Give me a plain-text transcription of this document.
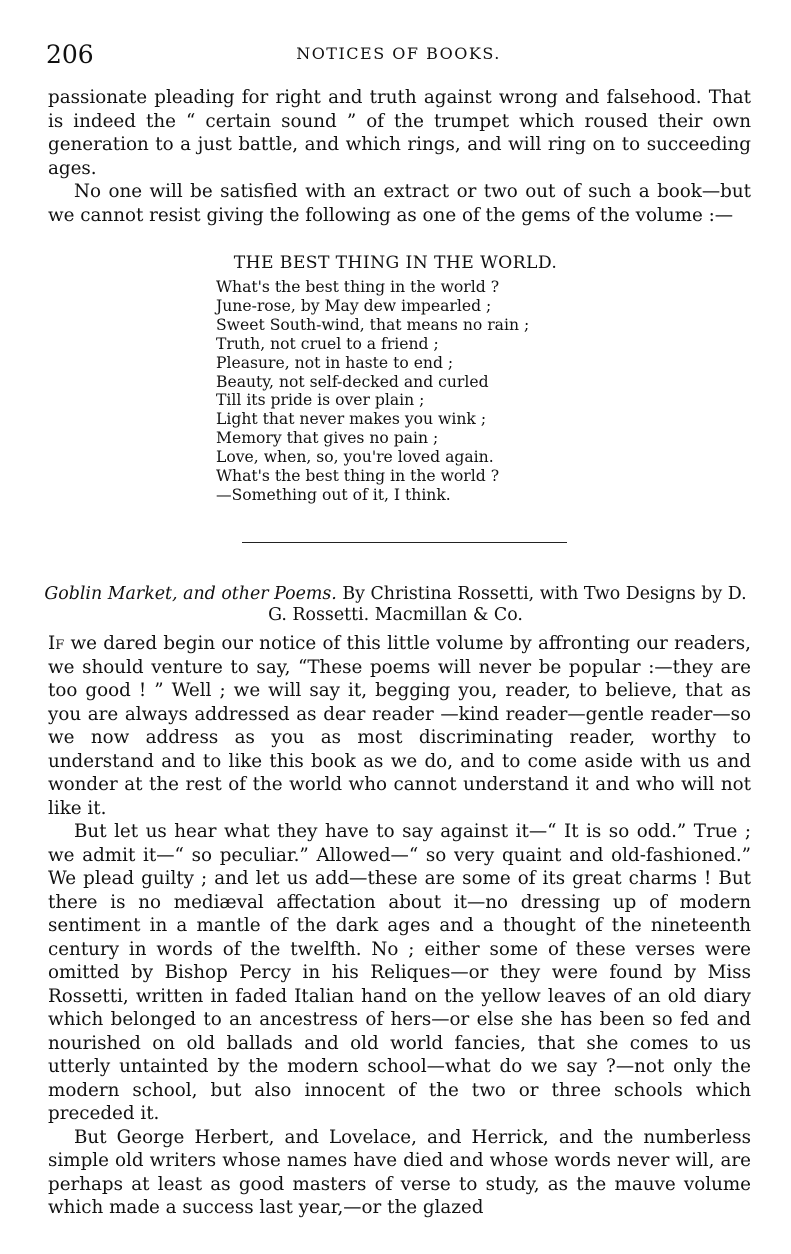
206	NOTICES OF BOOKS.

passionate pleading for right and truth against wrong and falsehood. That is indeed the “ certain sound ” of the trumpet which roused their own generation to a just battle, and which rings, and will ring on to succeeding ages.

No one will be satisfied with an extract or two out of such a book—but we cannot resist giving the following as one of the gems of the volume :—

THE BEST THING IN THE WORLD.
What's the best thing in the world ?
June-rose, by May dew impearled ;
Sweet South-wind, that means no rain ;
Truth, not cruel to a friend ;
Pleasure, not in haste to end ;
Beauty, not self-decked and curled
Till its pride is over plain ;
Light that never makes you wink ;
Memory that gives no pain ;
Love, when, so, you're loved again.
What's the best thing in the world ?
—Something out of it, I think.
Goblin Market, and other Poems. By Christina Rossetti, with Two Designs by D. G. Rossetti. Macmillan & Co.

If we dared begin our notice of this little volume by affronting our readers, we should venture to say, “These poems will never be popular :—they are too good ! ” Well ; we will say it, begging you, reader, to believe, that as you are always addressed as dear reader —kind reader—gentle reader—so we now address as you as most discriminating reader, worthy to understand and to like this book as we do, and to come aside with us and wonder at the rest of the world who cannot understand it and who will not like it.

But let us hear what they have to say against it—“ It is so odd.” True ; we admit it—“ so peculiar.” Allowed—“ so very quaint and old-fashioned.” We plead guilty ; and let us add—these are some of its great charms ! But there is no mediæval affectation about it—no dressing up of modern sentiment in a mantle of the dark ages and a thought of the nineteenth century in words of the twelfth. No ; either some of these verses were omitted by Bishop Percy in his Reliques—or they were found by Miss Rossetti, written in faded Italian hand on the yellow leaves of an old diary which belonged to an ancestress of hers—or else she has been so fed and nourished on old ballads and old world fancies, that she comes to us utterly untainted by the modern school—what do we say ?—not only the modern school, but also innocent of the two or three schools which preceded it.

But George Herbert, and Lovelace, and Herrick, and the numberless simple old writers whose names have died and whose words never will, are perhaps at least as good masters of verse to study, as the mauve volume which made a success last year,—or the glazed
